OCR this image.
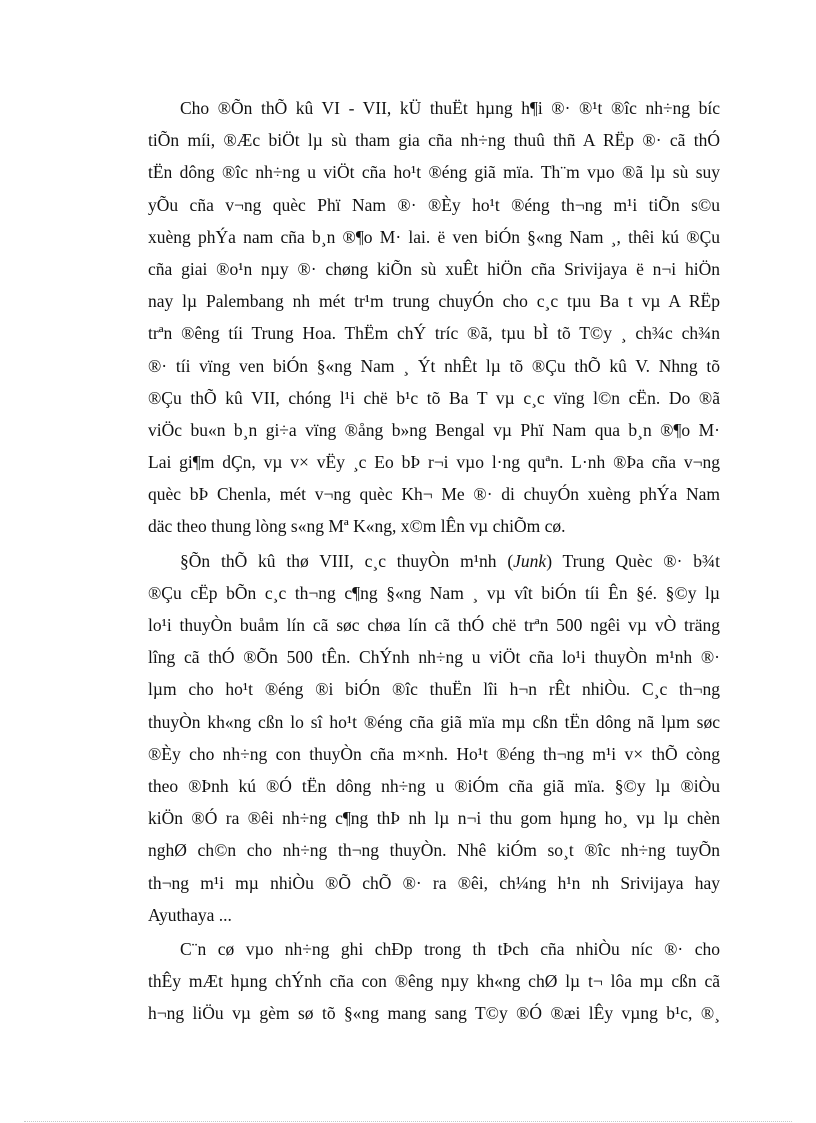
Cho ®Õn thÕ kû VI - VII, kÜ thuËt hµng h¶i ®· ®¹t ®îc nh÷ng bíc
tiÕn míi, ®Æc biÖt lµ sù tham gia cña nh÷ng thuû thñ A RËp ®· cã thÓ
tËn dông ®îc nh÷ng u viÖt cña ho¹t ®éng giã mïa. Th¨m vµo ®ã lµ sù suy
yÕu cña v¬ng quèc Phï Nam ®· ®Èy ho¹t ®éng th¬ng m¹i tiÕn s©u
xuèng phÝa nam cña b¸n ®¶o M· lai. ë ven biÓn §«ng Nam ¸, thêi kú ®Çu
cña giai ®o¹n nµy ®· chøng kiÕn sù xuÊt hiÖn cña Srivijaya ë n¬i hiÖn
nay lµ Palembang nh mét tr¹m trung chuyÓn cho c¸c tµu Ba t vµ A RËp
trªn ®êng tíi Trung Hoa. ThËm chÝ tríc ®ã, tµu bÌ tõ T©y ¸ ch¾c ch¾n
®· tíi vïng ven biÓn §«ng Nam ¸ Ýt nhÊt lµ tõ ®Çu thÕ kû V. Nhng tõ
®Çu thÕ kû VII, chóng l¹i chë b¹c tõ Ba T vµ c¸c vïng l©n cËn. Do ®ã
viÖc bu«n b¸n gi÷a vïng ®ång b»ng Bengal vµ Phï Nam qua b¸n ®¶o M·
Lai gi¶m dÇn, vµ v× vËy ¸c Eo bÞ r¬i vµo l·ng quªn. L·nh ®Þa cña v¬ng
quèc bÞ Chenla, mét v¬ng quèc Kh¬ Me ®· di chuyÓn xuèng phÝa Nam
däc theo thung lòng s«ng Mª K«ng, x©m lÊn vµ chiÕm cø.
§Õn thÕ kû thø VIII, c¸c thuyÒn m¹nh (Junk) Trung Quèc ®· b¾t
®Çu cËp bÕn c¸c th¬ng c¶ng §«ng Nam ¸ vµ vît biÓn tíi Ên §é. §©y lµ
lo¹i thuyÒn buåm lín cã søc chøa lín cã thÓ chë trªn 500 ngêi vµ vÒ träng
lîng cã thÓ ®Õn 500 tÊn. ChÝnh nh÷ng u viÖt cña lo¹i thuyÒn m¹nh ®·
lµm cho ho¹t ®éng ®i biÓn ®îc thuËn lîi h¬n rÊt nhiÒu. C¸c th¬ng
thuyÒn kh«ng cßn lo sî ho¹t ®éng cña giã mïa mµ cßn tËn dông nã lµm søc
®Èy cho nh÷ng con thuyÒn cña m×nh. Ho¹t ®éng th¬ng m¹i v× thÕ còng
theo ®Þnh kú ®Ó tËn dông nh÷ng u ®iÓm cña giã mïa. §©y lµ ®iÒu
kiÖn ®Ó ra ®êi nh÷ng c¶ng thÞ nh lµ n¬i thu gom hµng ho¸ vµ lµ chèn
nghØ ch©n cho nh÷ng th¬ng thuyÒn. Nhê kiÓm so¸t ®îc nh÷ng tuyÕn
th¬ng m¹i mµ nhiÒu ®Õ chÕ ®· ra ®êi, ch¼ng h¹n nh Srivijaya hay
Ayuthaya ...
C¨n cø vµo nh÷ng ghi chÐp trong th tÞch cña nhiÒu níc ®· cho
thÊy mÆt hµng chÝnh cña con ®êng nµy kh«ng chØ lµ t¬ lôa mµ cßn cã
h¬ng liÖu vµ gèm sø tõ §«ng mang sang T©y ®Ó ®æi lÊy vµng b¹c, ®¸
